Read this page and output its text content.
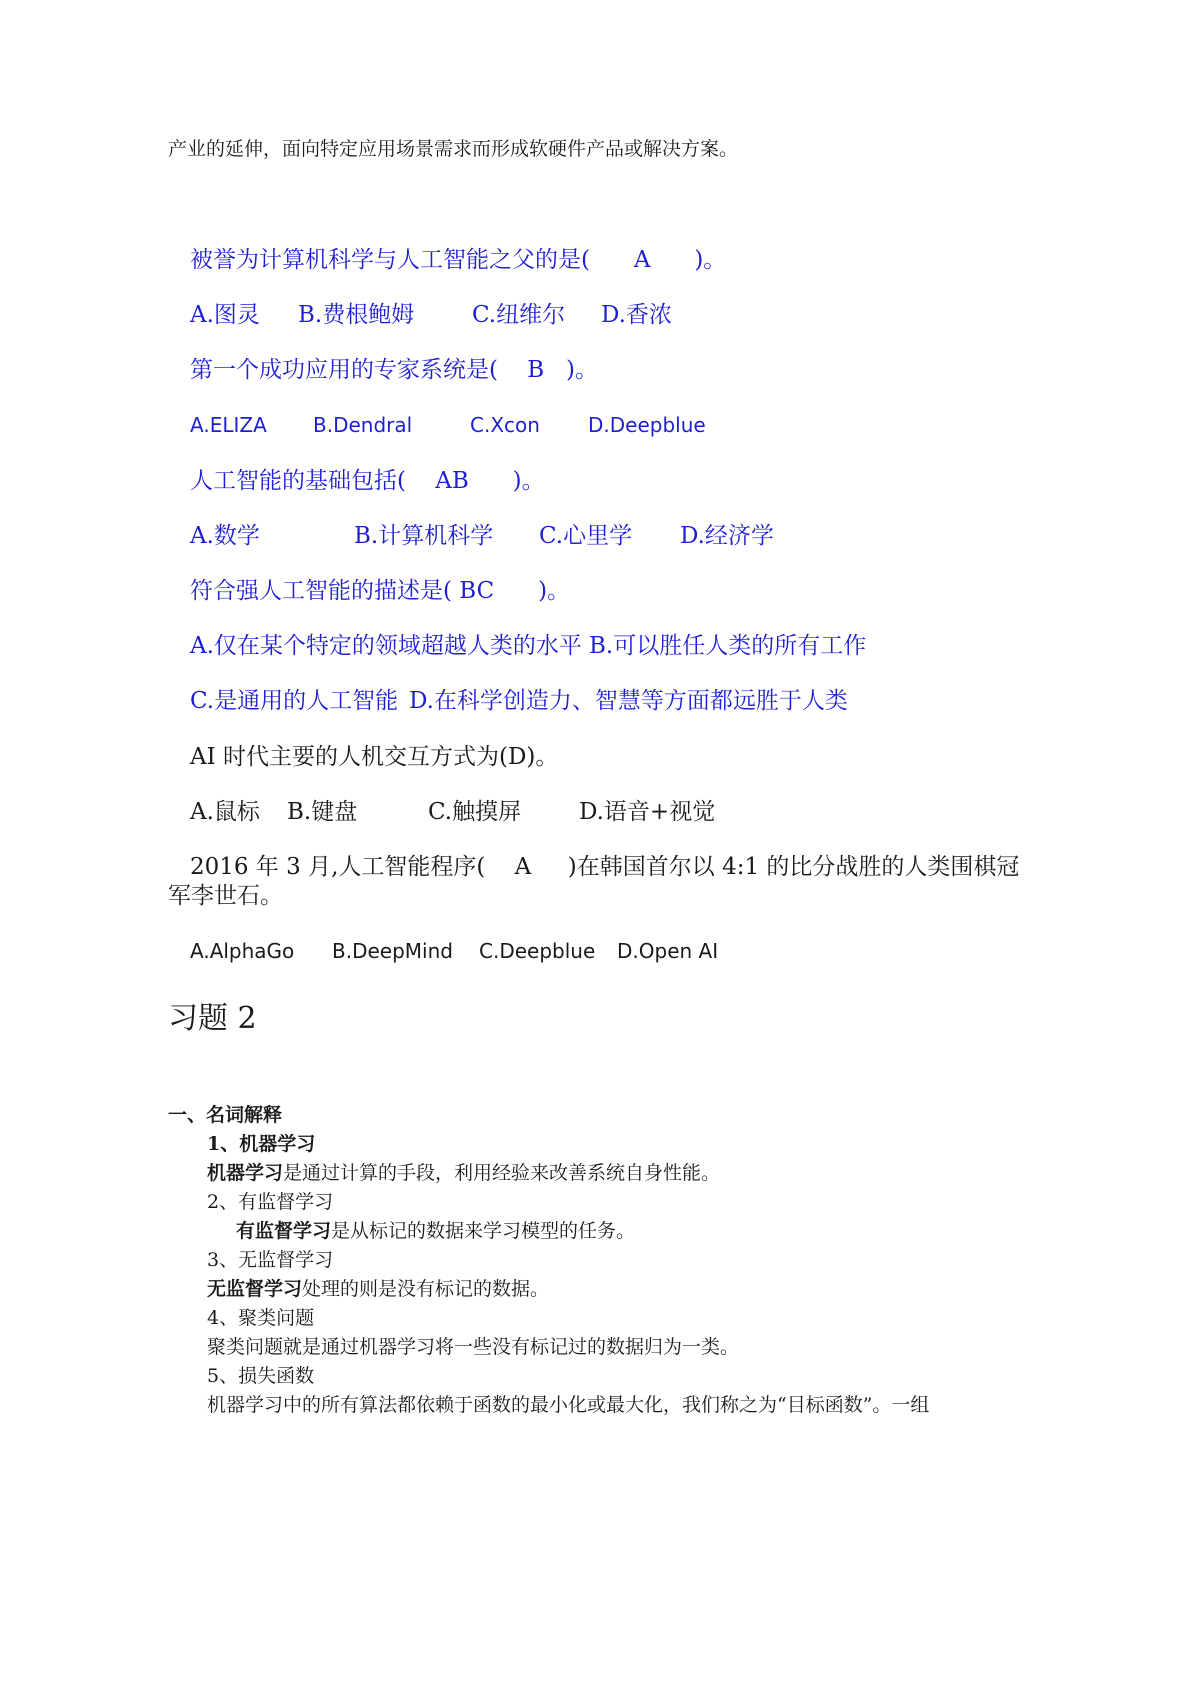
产业的延伸，面向特定应用场景需求而形成软硬件产品或解决方案。
被誉为计算机科学与人工智能之父的是(      A      )。
A.图灵 B.费根鲍姆	C.纽维尔 D.香浓
第一个成功应用的专家系统是(    B   )。
A.ELIZA B.Dendral	C.Xcon D.Deepblue
人工智能的基础包括(    AB      )。
A.数学	B.计算机科学 C.心里学 D.经济学
符合强人工智能的描述是( BC      )。
A.仅在某个特定的领域超越人类的水平 B.可以胜任人类的所有工作
C.是通用的人工智能 D.在科学创造力、智慧等方面都远胜于人类
AI 时代主要的人机交互方式为(D)。
A.鼠标 B.键盘	C.触摸屏	D.语音+视觉
2016 年 3 月,人工智能程序(    A     )在韩国首尔以 4:1 的比分战胜的人类围棋冠
军李世石。
A.AlphaGo B.DeepMind C.Deepblue D.Open AI
习题 2
一、名词解释
1、机器学习
机器学习是通过计算的手段，利用经验来改善系统自身性能。
2、有监督学习
有监督学习是从标记的数据来学习模型的任务。
3、无监督学习
无监督学习处理的则是没有标记的数据。
4、聚类问题
聚类问题就是通过机器学习将一些没有标记过的数据归为一类。
5、损失函数
机器学习中的所有算法都依赖于函数的最小化或最大化，我们称之为“目标函数”。一组
